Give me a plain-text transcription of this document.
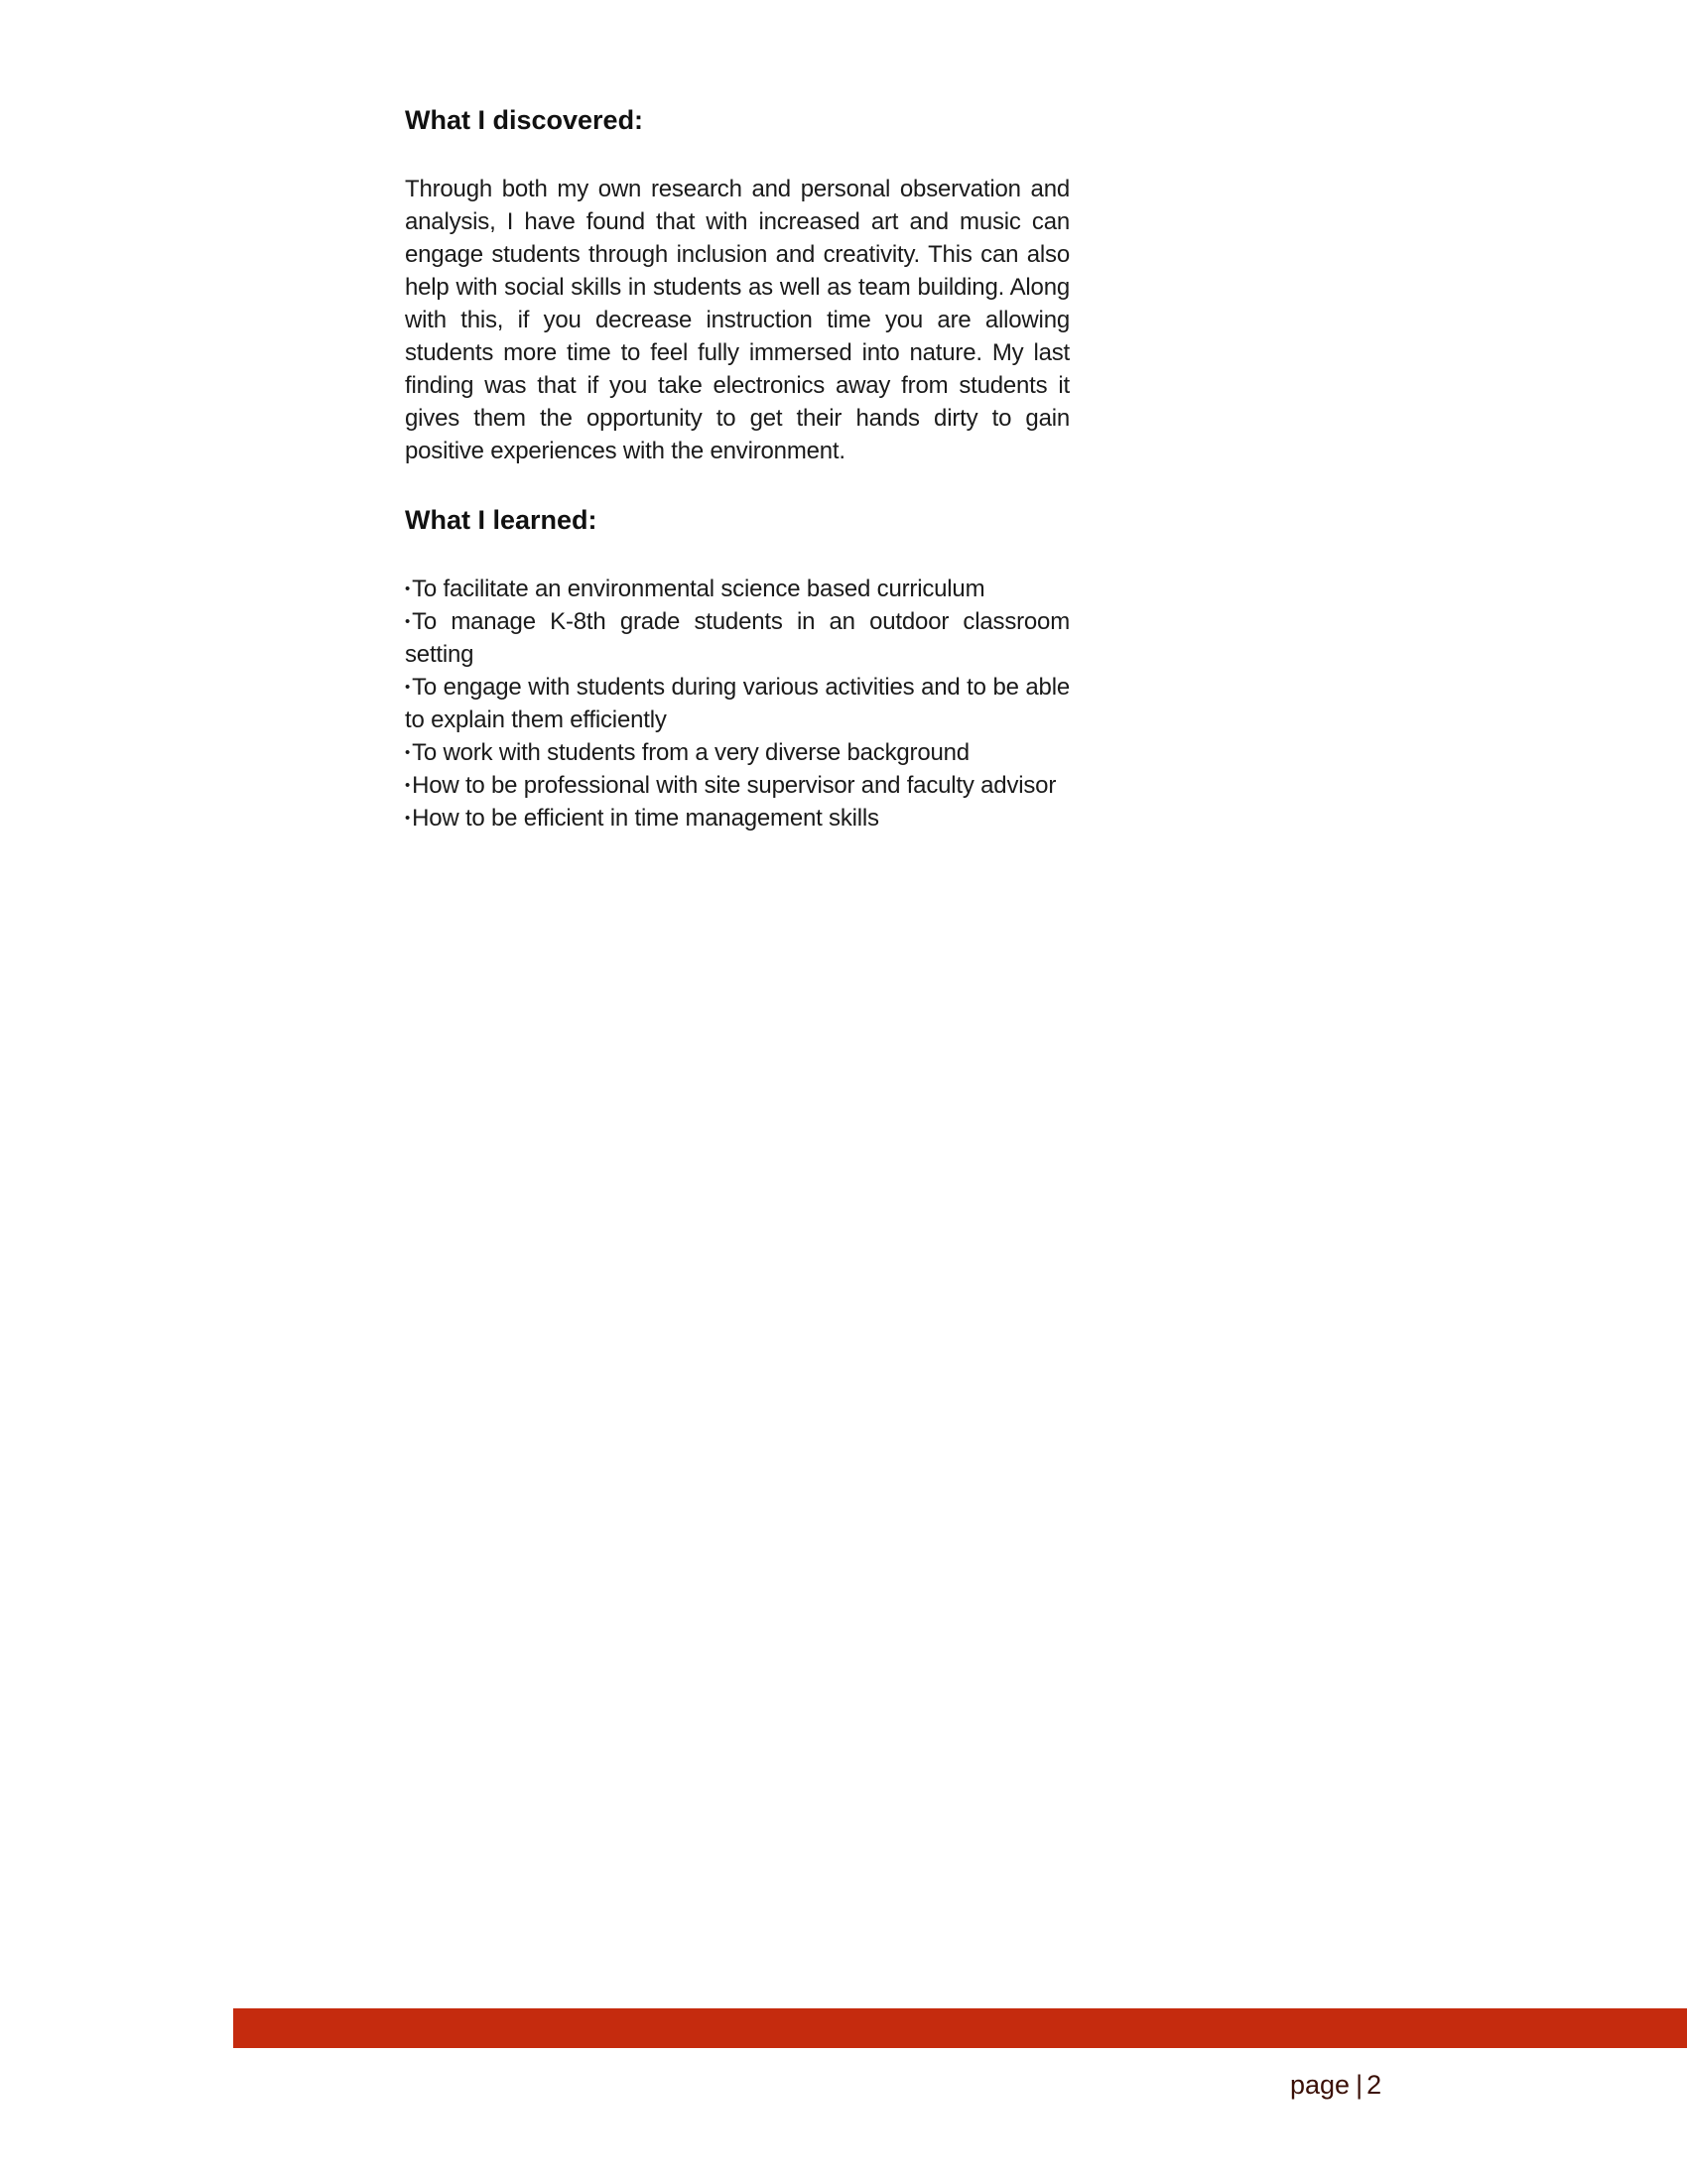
What I discovered:

Through both my own research and personal observation and analysis, I have found that with increased art and music can engage students through inclusion and creativity. This can also help with social skills in students as well as team building. Along with this, if you decrease instruction time you are allowing students more time to feel fully immersed into nature. My last finding was that if you take electronics away from students it gives them the opportunity to get their hands dirty to gain positive experiences with the environment.

What I learned:
•To facilitate an environmental science based curriculum
•To manage K-8th grade students in an outdoor classroom setting
•To engage with students during various activities and to be able to explain them efficiently
•To work with students from a very diverse background
•How to be professional with site supervisor and faculty advisor
•How to be efficient in time management skills
page | 2
